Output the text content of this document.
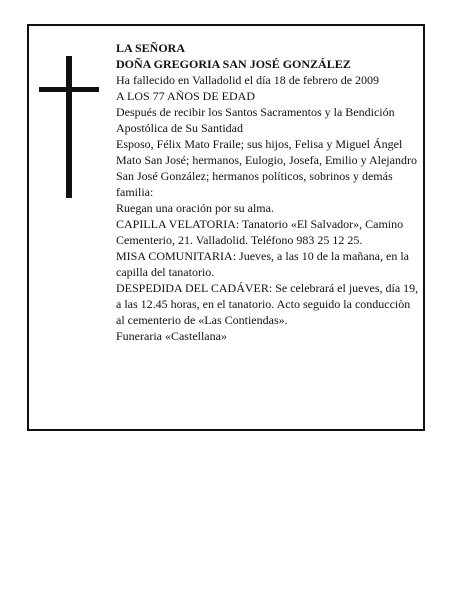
LA SEÑORA

DOÑA GREGORIA SAN JOSÉ GONZÁLEZ

Ha fallecido en Valladolid el día 18 de febrero de 2009

A LOS 77 AÑOS DE EDAD

Después de recibir los Santos Sacramentos y la Bendición Apostólica de Su Santidad

Esposo, Félix Mato Fraile; sus hijos, Felisa y Miguel Ángel Mato San José; hermanos, Eulogio, Josefa, Emilio y Alejandro San José González; hermanos políticos, sobrinos y demás familia:

Ruegan una oración por su alma.

CAPILLA VELATORIA: Tanatorio «El Salvador», Camino Cementerio, 21. Valladolid. Teléfono 983 25 12 25.

MISA COMUNITARIA: Jueves, a las 10 de la mañana, en la capilla del tanatorio.

DESPEDIDA DEL CADÁVER: Se celebrará el jueves, día 19, a las 12.45 horas, en el tanatorio. Acto seguido la conducciòn al cementerio de «Las Contiendas».

Funeraria «Castellana»
